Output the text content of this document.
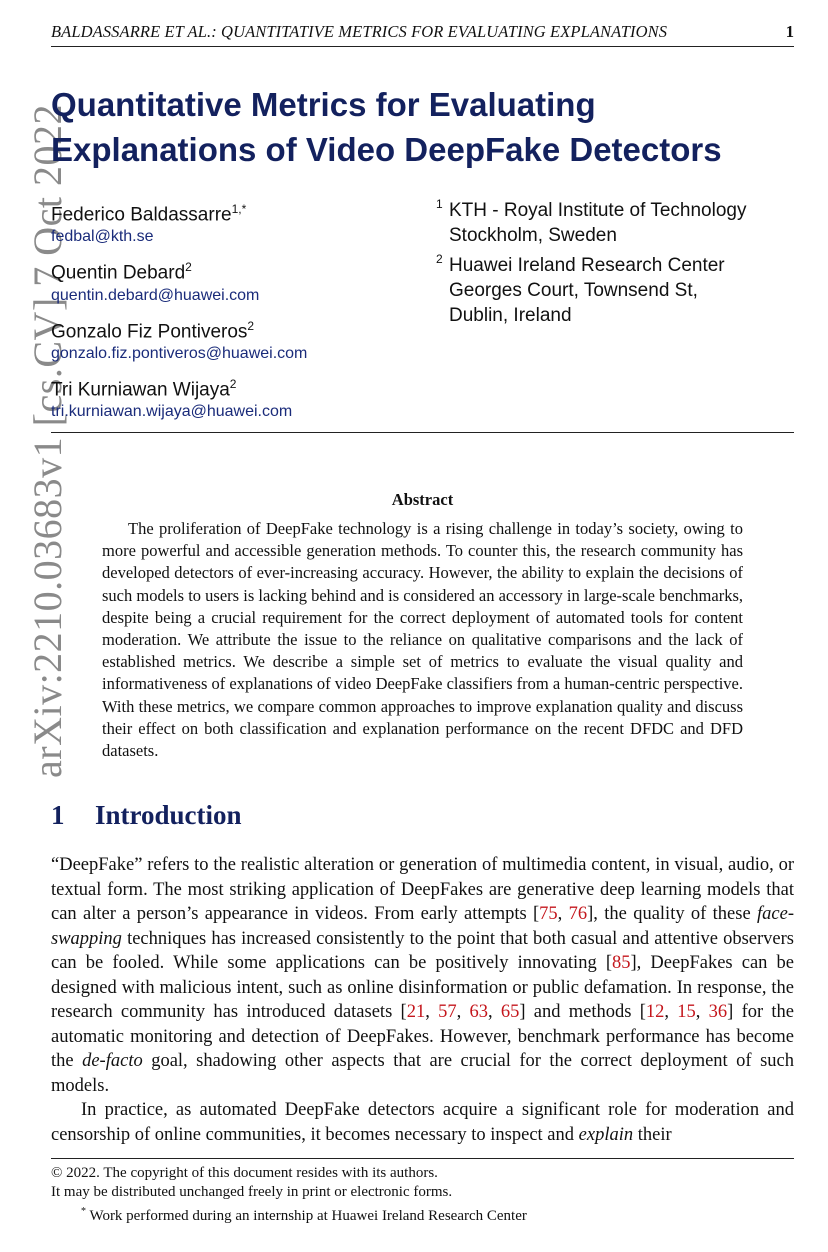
BALDASSARRE ET AL.: QUANTITATIVE METRICS FOR EVALUATING EXPLANATIONS	1
arXiv:2210.03683v1 [cs.CV] 7 Oct 2022
Quantitative Metrics for Evaluating
Explanations of Video DeepFake Detectors
Federico Baldassarre$^{1,*}$
fedbal@kth.se
Quentin Debard$^2$
quentin.debard@huawei.com
Gonzalo Fiz Pontiveros$^2$
gonzalo.fiz.pontiveros@huawei.com
Tri Kurniawan Wijaya$^2$
tri.kurniawan.wijaya@huawei.com
1 KTH - Royal Institute of Technology
Stockholm, Sweden
2 Huawei Ireland Research Center
Georges Court, Townsend St,
Dublin, Ireland
Abstract

The proliferation of DeepFake technology is a rising challenge in today’s society, owing to more powerful and accessible generation methods. To counter this, the research community has developed detectors of ever-increasing accuracy. However, the ability to explain the decisions of such models to users is lacking behind and is considered an accessory in large-scale benchmarks, despite being a crucial requirement for the correct deployment of automated tools for content moderation. We attribute the issue to the reliance on qualitative comparisons and the lack of established metrics. We describe a simple set of metrics to evaluate the visual quality and informativeness of explanations of video DeepFake classifiers from a human-centric perspective. With these metrics, we compare common approaches to improve explanation quality and discuss their effect on both classification and explanation performance on the recent DFDC and DFD datasets.

1 Introduction

“DeepFake” refers to the realistic alteration or generation of multimedia content, in visual, audio, or textual form. The most striking application of DeepFakes are generative deep learning models that can alter a person’s appearance in videos. From early attempts [75, 76], the quality of these face-swapping techniques has increased consistently to the point that both casual and attentive observers can be fooled. While some applications can be positively innovating [85], DeepFakes can be designed with malicious intent, such as online disinformation or public defamation. In response, the research community has introduced datasets [21, 57, 63, 65] and methods [12, 15, 36] for the automatic monitoring and detection of DeepFakes. However, benchmark performance has become the de-facto goal, shadowing other aspects that are crucial for the correct deployment of such models.

In practice, as automated DeepFake detectors acquire a significant role for moderation and censorship of online communities, it becomes necessary to inspect and explain their

© 2022. The copyright of this document resides with its authors.
It may be distributed unchanged freely in print or electronic forms.
* Work performed during an internship at Huawei Ireland Research Center
